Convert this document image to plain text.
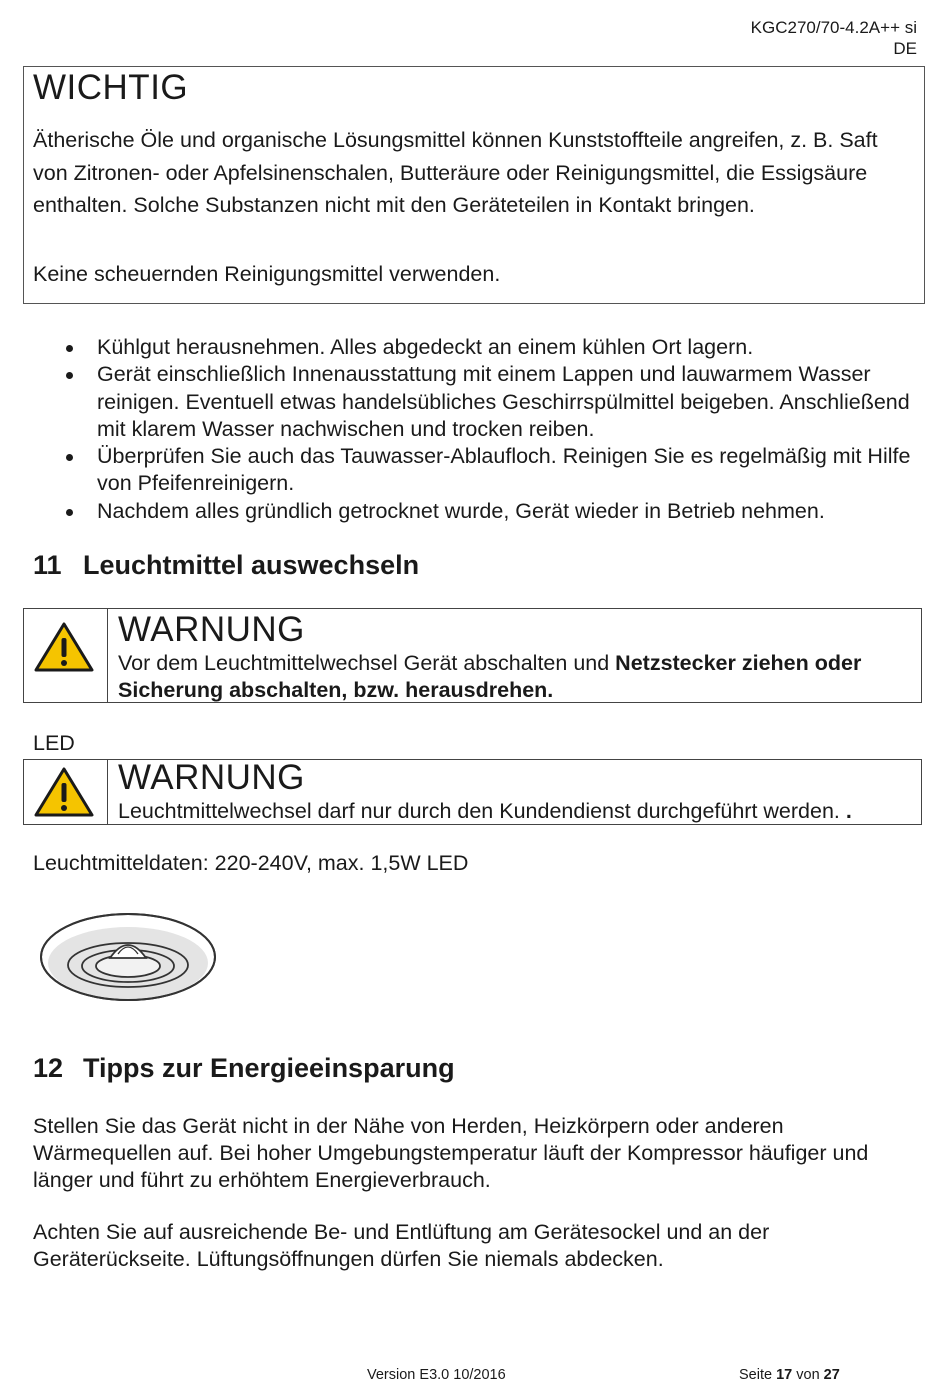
KGC270/70-4.2A++ si
DE
WICHTIG
Ätherische Öle und organische Lösungsmittel können Kunststoffteile angreifen, z. B. Saft von Zitronen- oder Apfelsinenschalen, Butteräure oder Reinigungsmittel, die Essigsäure enthalten. Solche Substanzen nicht mit den Geräteteilen in Kontakt bringen.
Keine scheuernden Reinigungsmittel verwenden.
Kühlgut herausnehmen. Alles abgedeckt an einem kühlen Ort lagern.
Gerät einschließlich Innenausstattung mit einem Lappen und lauwarmem Wasser reinigen. Eventuell etwas handelsübliches Geschirrspülmittel beigeben. Anschließend mit klarem Wasser nachwischen und trocken reiben.
Überprüfen Sie auch das Tauwasser-Ablaufloch. Reinigen Sie es regelmäßig mit Hilfe von Pfeifenreinigern.
Nachdem alles gründlich getrocknet wurde, Gerät wieder in Betrieb nehmen.
11 Leuchtmittel auswechseln
WARNUNG
Vor dem Leuchtmittelwechsel Gerät abschalten und Netzstecker ziehen oder Sicherung abschalten, bzw. herausdrehen.
LED
WARNUNG
Leuchtmittelwechsel darf nur durch den Kundendienst durchgeführt werden. .
Leuchtmitteldaten: 220-240V, max. 1,5W LED
12 Tipps zur Energieeinsparung
Stellen Sie das Gerät nicht in der Nähe von Herden, Heizkörpern oder anderen Wärmequellen auf. Bei hoher Umgebungstemperatur läuft der Kompressor häufiger und länger und führt zu erhöhtem Energieverbrauch.
Achten Sie auf ausreichende Be- und Entlüftung am Gerätesockel und an der Geräterückseite. Lüftungsöffnungen dürfen Sie niemals abdecken.
Version E3.0 10/2016	Seite 17 von 27
